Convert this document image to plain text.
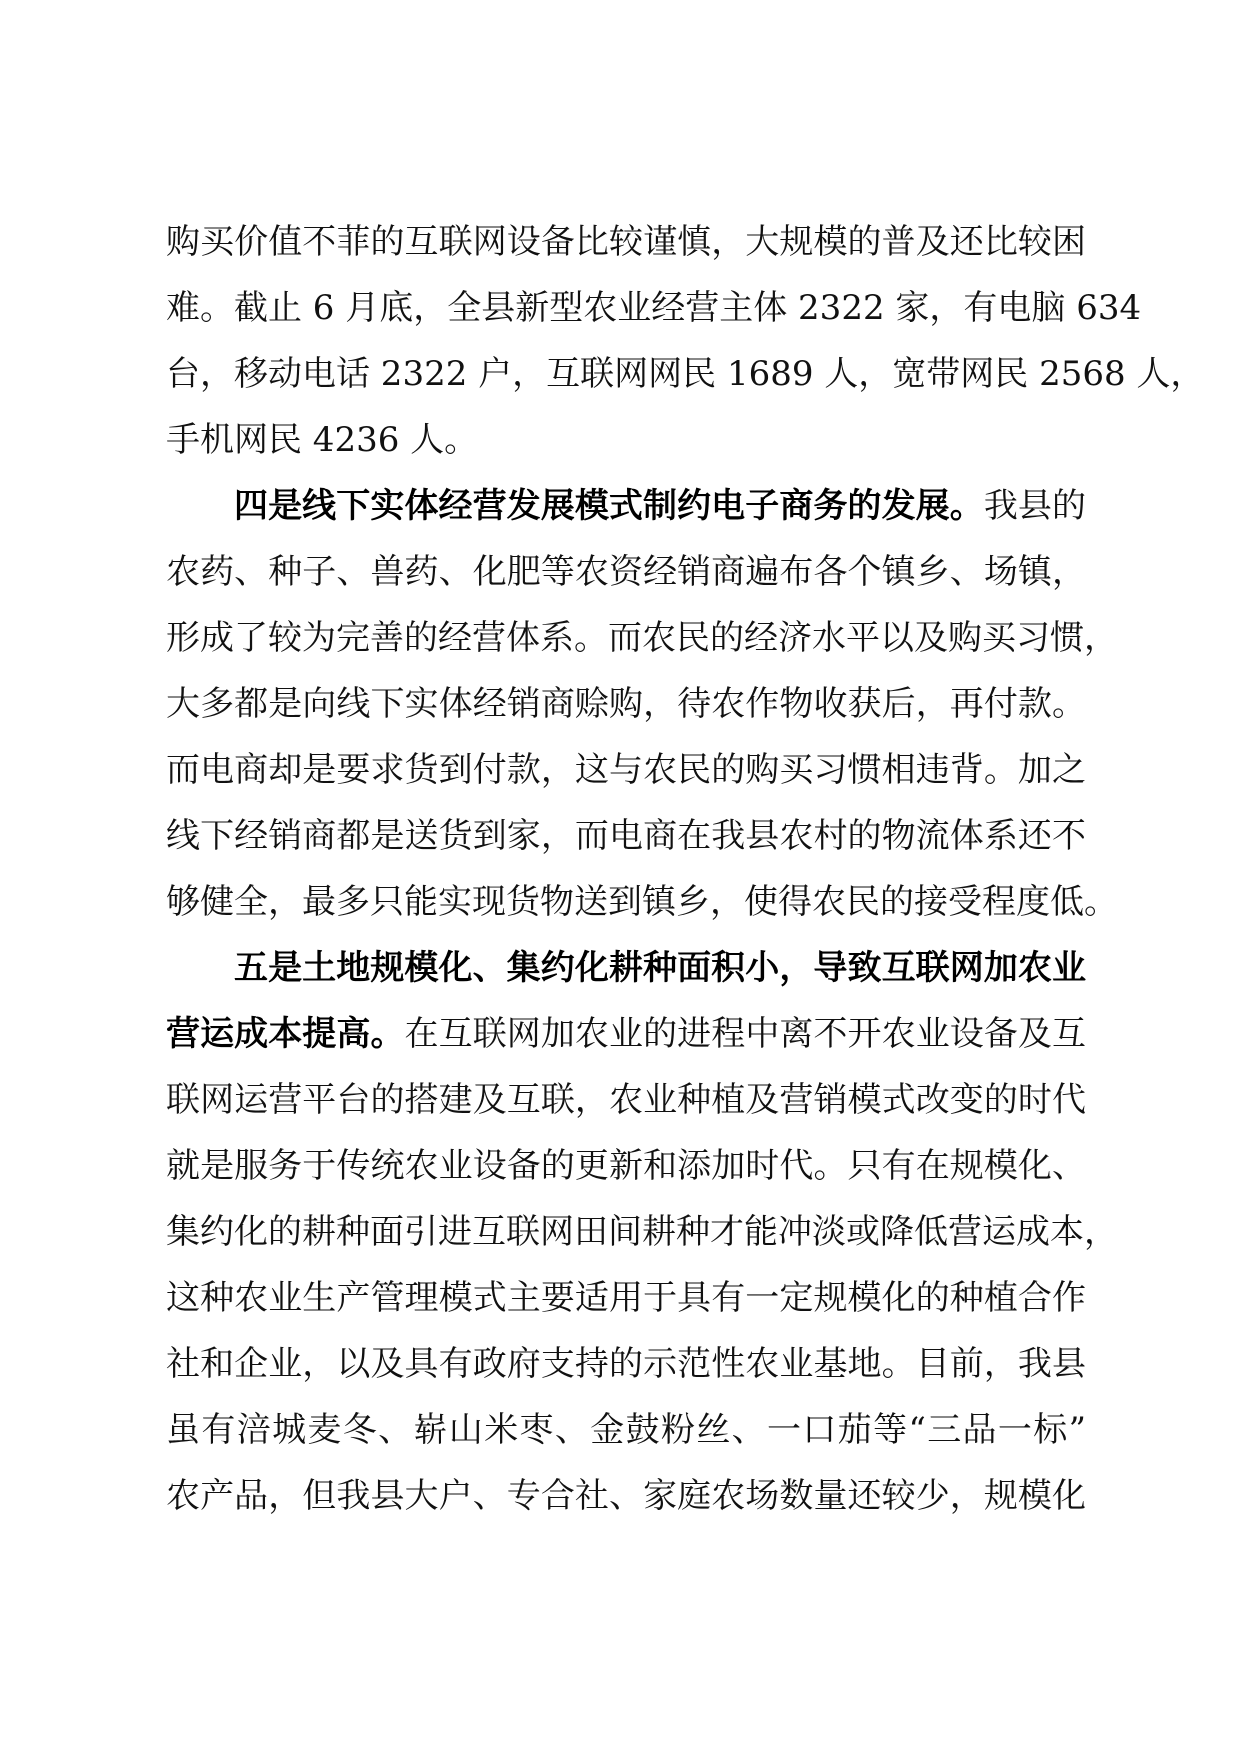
购买价值不菲的互联网设备比较谨慎，大规模的普及还比较困
难。截止 6 月底，全县新型农业经营主体 2322 家，有电脑 634
台，移动电话 2322 户，互联网网民 1689 人，宽带网民 2568 人，
手机网民 4236 人。
四是线下实体经营发展模式制约电子商务的发展。我县的
农药、种子、兽药、化肥等农资经销商遍布各个镇乡、场镇，
形成了较为完善的经营体系。而农民的经济水平以及购买习惯，
大多都是向线下实体经销商赊购，待农作物收获后，再付款。
而电商却是要求货到付款，这与农民的购买习惯相违背。加之
线下经销商都是送货到家，而电商在我县农村的物流体系还不
够健全，最多只能实现货物送到镇乡，使得农民的接受程度低。
五是土地规模化、集约化耕种面积小，导致互联网加农业
营运成本提高。在互联网加农业的进程中离不开农业设备及互
联网运营平台的搭建及互联，农业种植及营销模式改变的时代
就是服务于传统农业设备的更新和添加时代。只有在规模化、
集约化的耕种面引进互联网田间耕种才能冲淡或降低营运成本，
这种农业生产管理模式主要适用于具有一定规模化的种植合作
社和企业，以及具有政府支持的示范性农业基地。目前，我县
虽有涪城麦冬、崭山米枣、金鼓粉丝、一口茄等“三品一标”
农产品，但我县大户、专合社、家庭农场数量还较少，规模化
